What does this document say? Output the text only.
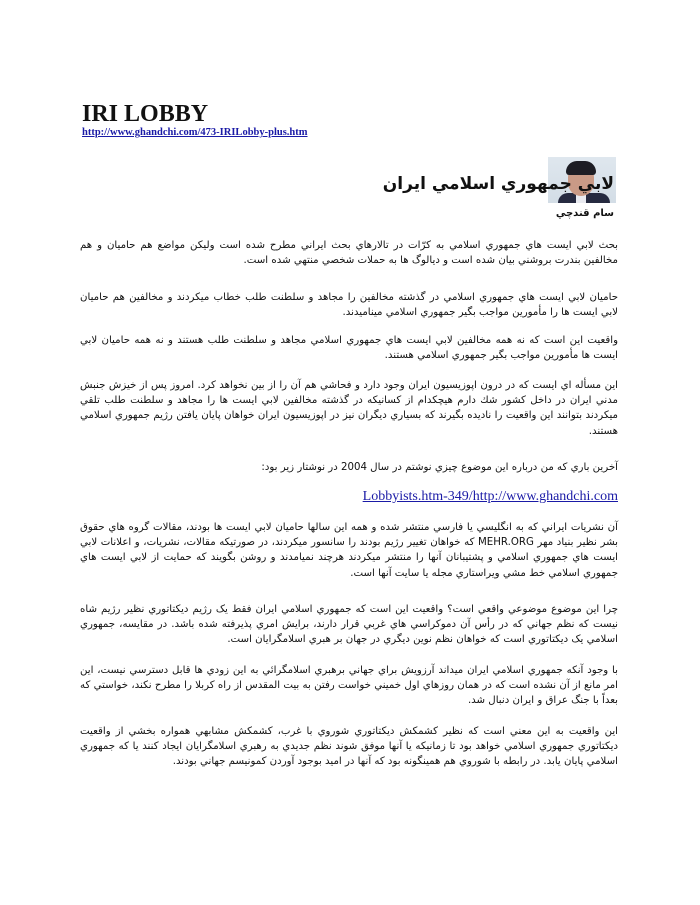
IRI LOBBY
http://www.ghandchi.com/473-IRILobby-plus.htm
لابي جمهوري اسلامي ايران
سام قندچي

بحث لابي ايست هاي جمهوري اسلامي به كرّات در تالارهاي بحث ايراني مطرح شده است وليكن مواضع هم حاميان و هم مخالفين بندرت بروشني بيان شده است و ديالوگ ها به حملات شخصي منتهي شده است.

حاميان لابي ايست هاي جمهوري اسلامي در گذشته مخالفين را مجاهد و سلطنت طلب خطاب ميكردند و مخالفين هم حاميان لابي ايست ها را مأمورين مواجب بگير جمهوري اسلامي ميناميدند.

واقعيت اين است كه نه همه مخالفين لابي ايست هاي جمهوري اسلامي مجاهد و سلطنت طلب هستند و نه همه حاميان لابي ايست ها مأمورين مواجب بگير جمهوري اسلامي هستند.

اين مسأله اي ايست كه در درون اپوزيسيون ايران وجود دارد و فحاشي هم آن را از بين نخواهد كرد. امروز پس از خيزش جنبش مدني ايران در داخل كشور شك دارم هيچكدام از كسانيكه در گذشته مخالفين لابي ايست ها را مجاهد و سلطنت طلب تلقي ميكردند بتوانند اين واقعيت را ناديده بگيرند كه بسياري ديگران نيز در اپوزيسيون ايران خواهان پايان يافتن رژيم جمهوري اسلامي هستند.

آخرين باري كه من درباره اين موضوع چيزي نوشتم در سال 2004 در نوشتار زير بود:

Lobbyists.htm-349/http://www.ghandchi.com

آن نشريات ايراني كه به انگليسي يا فارسي منتشر شده و همه اين سالها حاميان لابي ايست ها بودند، مقالات گروه هاي حقوق بشر نظير بنياد مهر MEHR.ORG كه خواهان تغيير رژيم بودند را سانسور ميكردند، در صورتيكه مقالات، نشريات، و اعلانات لابي ايست هاي جمهوري اسلامي و پشتيبانان آنها را منتشر ميكردند هرچند نميامدند و روشن بگويند كه حمايت از لابي ايست هاي جمهوري اسلامي خط مشي ويراستاري مجله يا سايت آنها است.

چرا اين موضوع موضوعي واقعي است؟ واقعيت اين است كه جمهوري اسلامي ايران فقط يک رژيم ديكتاتوري نظير رژيم شاه نيست كه نظم جهاني كه در رأس آن دموكراسي هاي غربي قرار دارند، برايش امري پذيرفته شده باشد. در مقايسه، جمهوري اسلامي يک ديكتاتوري است كه خواهان نظم نوين ديگري در جهان بر هبري اسلامگرايان است.

با وجود آنكه جمهوري اسلامي ايران ميداند آرزويش براي جهاني برهبري اسلامگرائي به اين زودي ها قابل دسترسي نيست، اين امر مانع از آن نشده است كه در همان روزهاي اول خميني خواست رفتن به بيت المقدس از راه كربلا را مطرح نكند، خواستي كه بعداً با جنگ عراق و ايران دنبال شد.

اين واقعيت به اين معني است كه نظير كشمكش ديكتاتوري شوروي با غرب، كشمكش مشابهي همواره بخشي از واقعيت ديكتاتوري جمهوري اسلامي خواهد بود تا زمانيكه يا آنها موفق شوند نظم جديدي به رهبري اسلامگرايان ايجاد كنند يا كه جمهوري اسلامي پايان يابد. در رابطه با شوروي هم همينگونه بود كه آنها در اميد بوجود آوردن كمونيسم جهاني بودند.
